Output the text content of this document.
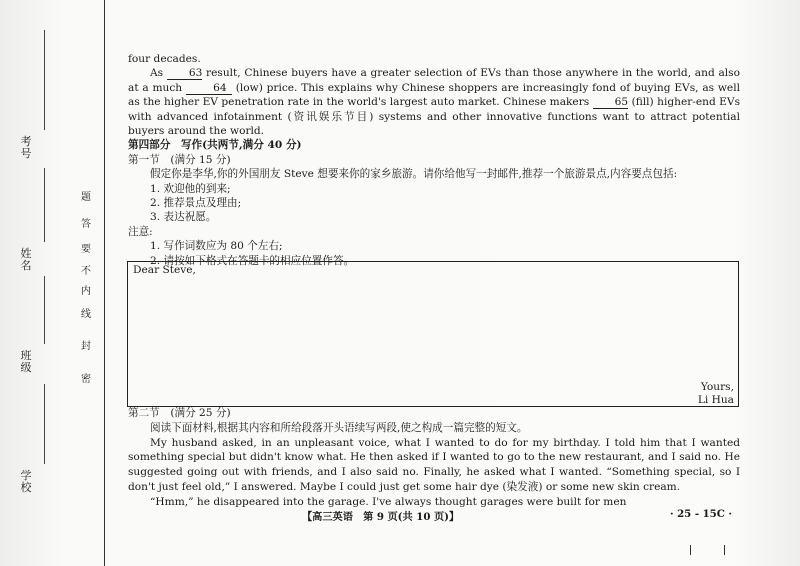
考号
姓名
班级
学校
密
封
线
内
不
要
答
题

four decades.

As 63 result, Chinese buyers have a greater selection of EVs than those anywhere in the world, and also at a much	64 (low) price. This explains why Chinese shoppers are increasingly fond of buying EVs, as well as the higher EV penetration rate in the world's largest auto market. Chinese makers 65 (fill) higher-end EVs with advanced infotainment (资讯娱乐节目) systems and other innovative functions want to attract potential buyers around the world.

第四部分　写作(共两节,满分 40 分)

第一节　(满分 15 分)

假定你是李华,你的外国朋友 Steve 想要来你的家乡旅游。请你给他写一封邮件,推荐一个旅游景点,内容要点包括:

1. 欢迎他的到来;

2. 推荐景点及理由;

3. 表达祝愿。

注意:

1. 写作词数应为 80 个左右;

2. 请按如下格式在答题卡的相应位置作答。

Dear Steve,
Yours,
Li Hua

第二节　(满分 25 分)

阅读下面材料,根据其内容和所给段落开头语续写两段,使之构成一篇完整的短文。

My husband asked, in an unpleasant voice, what I wanted to do for my birthday. I told him that I wanted something special but didn't know what. He then asked if I wanted to go to the new restaurant, and I said no. He suggested going out with friends, and I also said no. Finally, he asked what I wanted. “Something special, so I don't just feel old,” I answered. Maybe I could just get some hair dye (染发液) or some new skin cream.

“Hmm,” he disappeared into the garage. I've always thought garages were built for men

【高三英语　第 9 页(共 10 页)】	· 25 - 15C ·
